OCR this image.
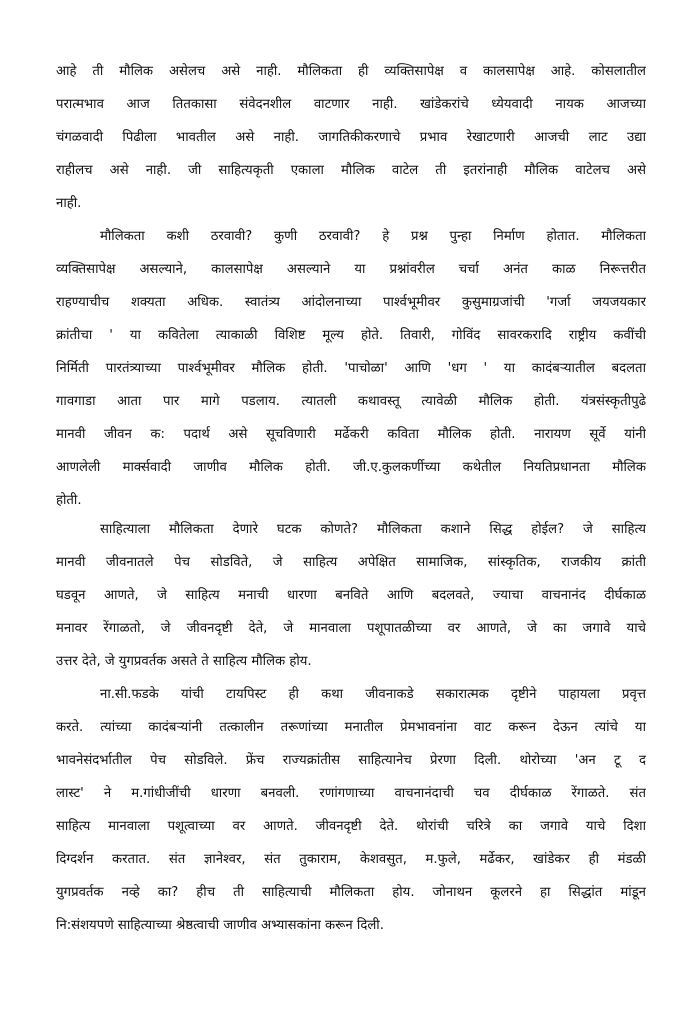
आहे ती मौलिक असेलच असे नाही. मौलिकता ही व्यक्तिसापेक्ष व कालसापेक्ष आहे. कोसलातील
परात्मभाव आज तितकासा संवेदनशील वाटणार नाही. खांडेकरांचे ध्येयवादी नायक आजच्या
चंगळवादी पिढीला भावतील असे नाही. जागतिकीकरणाचे प्रभाव रेखाटणारी आजची लाट उद्या
राहीलच असे नाही. जी साहित्यकृती एकाला मौलिक वाटेल ती इतरांनाही मौलिक वाटेलच असे
नाही.
मौलिकता कशी ठरवावी? कुणी ठरवावी? हे प्रश्न पुन्हा निर्माण होतात. मौलिकता
व्यक्तिसापेक्ष असल्याने, कालसापेक्ष असल्याने या प्रश्नांवरील चर्चा अनंत काळ निरूत्तरीत
राहण्याचीच शक्यता अधिक. स्वातंत्र्य आंदोलनाच्या पार्श्वभूमीवर कुसुमाग्रजांची 'गर्जा जयजयकार
क्रांतीचा ' या कवितेला त्याकाळी विशिष्ट मूल्य होते. तिवारी, गोविंद सावरकरादि राष्ट्रीय कवींची
निर्मिती पारतंत्र्याच्या पार्श्वभूमीवर मौलिक होती. 'पाचोळा' आणि 'धग ' या कादंबऱ्यातील बदलता
गावगाडा आता पार मागे पडलाय. त्यातली कथावस्तू त्यावेळी मौलिक होती. यंत्रसंस्कृतीपुढे
मानवी जीवन क: पदार्थ असे सूचविणारी मर्ढेकरी कविता मौलिक होती. नारायण सूर्वे यांनी
आणलेली मार्क्सवादी जाणीव मौलिक होती. जी.ए.कुलकर्णीच्या कथेतील नियतिप्रधानता मौलिक
होती.
साहित्याला मौलिकता देणारे घटक कोणते? मौलिकता कशाने सिद्ध होईल? जे साहित्य
मानवी जीवनातले पेच सोडविते, जे साहित्य अपेक्षित सामाजिक, सांस्कृतिक, राजकीय क्रांती
घडवून आणते, जे साहित्य मनाची धारणा बनविते आणि बदलवते, ज्याचा वाचनानंद दीर्घकाळ
मनावर रेंगाळतो, जे जीवनदृष्टी देते, जे मानवाला पशूपातळीच्या वर आणते, जे का जगावे याचे
उत्तर देते, जे युगप्रवर्तक असते ते साहित्य मौलिक होय.
ना.सी.फडके यांची टायपिस्ट ही कथा जीवनाकडे सकारात्मक दृष्टीने पाहायला प्रवृत्त
करते. त्यांच्या कादंबऱ्यांनी तत्कालीन तरूणांच्या मनातील प्रेमभावनांना वाट करून देऊन त्यांचे या
भावनेसंदर्भातील पेच सोडविले. फ्रेंच राज्यक्रांतीस साहित्यानेच प्रेरणा दिली. थोरोच्या 'अन टू द
लास्ट' ने म.गांधीजींची धारणा बनवली. रणांगणाच्या वाचनानंदाची चव दीर्घकाळ रेंगाळते. संत
साहित्य मानवाला पशूत्वाच्या वर आणते. जीवनदृष्टी देते. थोरांची चरित्रे का जगावे याचे दिशा
दिग्दर्शन करतात. संत ज्ञानेश्वर, संत तुकाराम, केशवसुत, म.फुले, मर्ढेकर, खांडेकर ही मंडळी
युगप्रवर्तक नव्हे का? हीच ती साहित्याची मौलिकता होय. जोनाथन कूलरने हा सिद्धांत मांडून
नि:संशयपणे साहित्याच्या श्रेष्ठत्वाची जाणीव अभ्यासकांना करून दिली.
